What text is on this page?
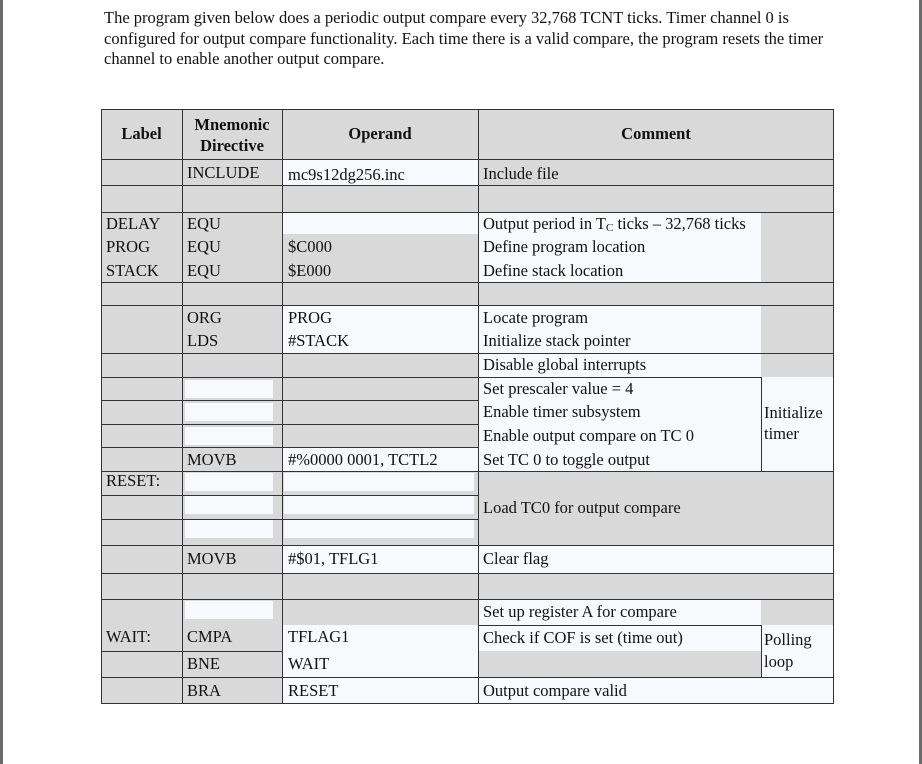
The program given below does a periodic output compare every 32,768 TCNT ticks. Timer channel 0 is configured for output compare functionality. Each time there is a valid compare, the program resets the timer channel to enable another output compare.

Label	Mnemonic
Directive
Operand	Comment
DELAY
PROG
STACK
RESET:
WAIT:
INCLUDE
EQU
EQU
EQU
ORG
LDS
MOVB
MOVB
CMPA
BNE
BRA
mc9s12dg256.inc
$C000
$E000
PROG
#STACK
#%0000 0001, TCTL2
#$01, TFLG1
TFLAG1
WAIT
RESET
Include file
Output period in $T_C$ ticks – 32,768 ticks
Define program location
Define stack location
Locate program
Initialize stack pointer
Disable global interrupts
Set prescaler value = 4
Enable timer subsystem
Enable output compare on TC 0
Set TC 0 to toggle output
Load TC0 for output compare
Clear flag
Set up register A for compare
Check if COF is set (time out)
Output compare valid
Initialize
timer
Polling
loop
